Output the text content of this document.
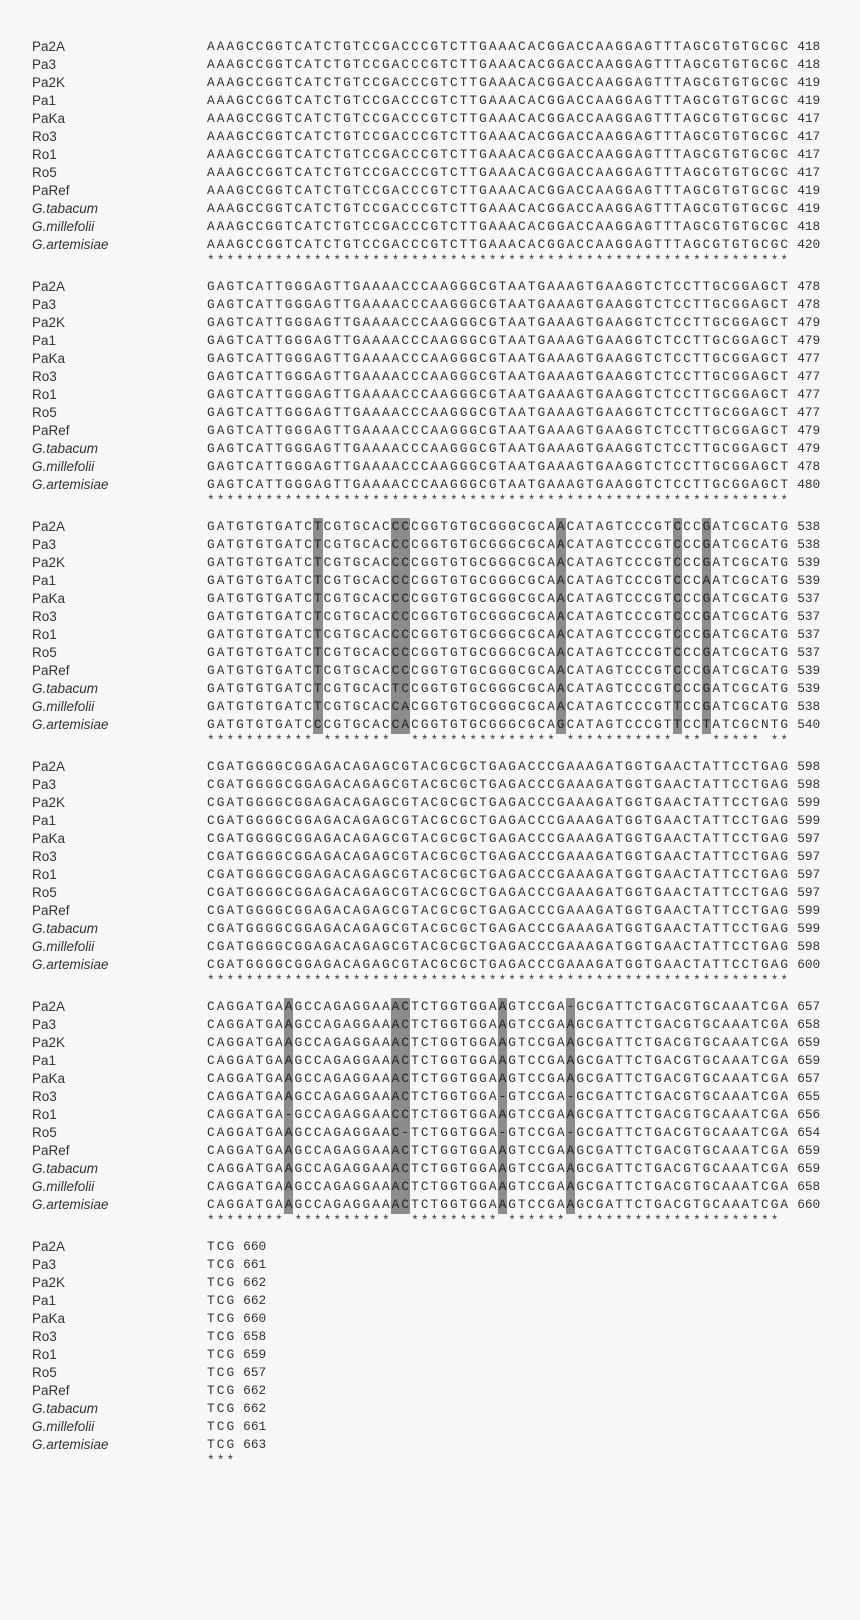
Pa2A	A A A G C C G G T C A T C T G T C C G A C C C G T C T T G A A A C A C G G A C C A A G G A G T T T A G C G T G T G C G C 418
Pa3	A A A G C C G G T C A T C T G T C C G A C C C G T C T T G A A A C A C G G A C C A A G G A G T T T A G C G T G T G C G C 418
Pa2K	A A A G C C G G T C A T C T G T C C G A C C C G T C T T G A A A C A C G G A C C A A G G A G T T T A G C G T G T G C G C 419
Pa1	A A A G C C G G T C A T C T G T C C G A C C C G T C T T G A A A C A C G G A C C A A G G A G T T T A G C G T G T G C G C 419
PaKa	A A A G C C G G T C A T C T G T C C G A C C C G T C T T G A A A C A C G G A C C A A G G A G T T T A G C G T G T G C G C 417
Ro3	A A A G C C G G T C A T C T G T C C G A C C C G T C T T G A A A C A C G G A C C A A G G A G T T T A G C G T G T G C G C 417
Ro1	A A A G C C G G T C A T C T G T C C G A C C C G T C T T G A A A C A C G G A C C A A G G A G T T T A G C G T G T G C G C 417
Ro5	A A A G C C G G T C A T C T G T C C G A C C C G T C T T G A A A C A C G G A C C A A G G A G T T T A G C G T G T G C G C 417
PaRef	A A A G C C G G T C A T C T G T C C G A C C C G T C T T G A A A C A C G G A C C A A G G A G T T T A G C G T G T G C G C 419
G.tabacum	A A A G C C G G T C A T C T G T C C G A C C C G T C T T G A A A C A C G G A C C A A G G A G T T T A G C G T G T G C G C 419
G.millefolii	A A A G C C G G T C A T C T G T C C G A C C C G T C T T G A A A C A C G G A C C A A G G A G T T T A G C G T G T G C G C 418
G.artemisiae	A A A G C C G G T C A T C T G T C C G A C C C G T C T T G A A A C A C G G A C C A A G G A G T T T A G C G T G T G C G C 420
* * * * * * * * * * * * * * * * * * * * * * * * * * * * * * * * * * * * * * * * * * * * * * * * * * * * * * * * * * * *
Pa2A	G A G T C A T T G G G A G T T G A A A A C C C A A G G G C G T A A T G A A A G T G A A G G T C T C C T T G C G G A G C T 478
Pa3	G A G T C A T T G G G A G T T G A A A A C C C A A G G G C G T A A T G A A A G T G A A G G T C T C C T T G C G G A G C T 478
Pa2K	G A G T C A T T G G G A G T T G A A A A C C C A A G G G C G T A A T G A A A G T G A A G G T C T C C T T G C G G A G C T 479
Pa1	G A G T C A T T G G G A G T T G A A A A C C C A A G G G C G T A A T G A A A G T G A A G G T C T C C T T G C G G A G C T 479
PaKa	G A G T C A T T G G G A G T T G A A A A C C C A A G G G C G T A A T G A A A G T G A A G G T C T C C T T G C G G A G C T 477
Ro3	G A G T C A T T G G G A G T T G A A A A C C C A A G G G C G T A A T G A A A G T G A A G G T C T C C T T G C G G A G C T 477
Ro1	G A G T C A T T G G G A G T T G A A A A C C C A A G G G C G T A A T G A A A G T G A A G G T C T C C T T G C G G A G C T 477
Ro5	G A G T C A T T G G G A G T T G A A A A C C C A A G G G C G T A A T G A A A G T G A A G G T C T C C T T G C G G A G C T 477
PaRef	G A G T C A T T G G G A G T T G A A A A C C C A A G G G C G T A A T G A A A G T G A A G G T C T C C T T G C G G A G C T 479
G.tabacum	G A G T C A T T G G G A G T T G A A A A C C C A A G G G C G T A A T G A A A G T G A A G G T C T C C T T G C G G A G C T 479
G.millefolii	G A G T C A T T G G G A G T T G A A A A C C C A A G G G C G T A A T G A A A G T G A A G G T C T C C T T G C G G A G C T 478
G.artemisiae	G A G T C A T T G G G A G T T G A A A A C C C A A G G G C G T A A T G A A A G T G A A G G T C T C C T T G C G G A G C T 480
* * * * * * * * * * * * * * * * * * * * * * * * * * * * * * * * * * * * * * * * * * * * * * * * * * * * * * * * * * * *
Pa2A	G A T G T G T G A T C T C G T G C A C C C C G G T G T G C G G G C G C A A C A T A G T C C C G T C C C G A T C G C A T G 538
Pa3	G A T G T G T G A T C T C G T G C A C C C C G G T G T G C G G G C G C A A C A T A G T C C C G T C C C G A T C G C A T G 538
Pa2K	G A T G T G T G A T C T C G T G C A C C C C G G T G T G C G G G C G C A A C A T A G T C C C G T C C C G A T C G C A T G 539
Pa1	G A T G T G T G A T C T C G T G C A C C C C G G T G T G C G G G C G C A A C A T A G T C C C G T C C C A A T C G C A T G 539
PaKa	G A T G T G T G A T C T C G T G C A C C C C G G T G T G C G G G C G C A A C A T A G T C C C G T C C C G A T C G C A T G 537
Ro3	G A T G T G T G A T C T C G T G C A C C C C G G T G T G C G G G C G C A A C A T A G T C C C G T C C C G A T C G C A T G 537
Ro1	G A T G T G T G A T C T C G T G C A C C C C G G T G T G C G G G C G C A A C A T A G T C C C G T C C C G A T C G C A T G 537
Ro5	G A T G T G T G A T C T C G T G C A C C C C G G T G T G C G G G C G C A A C A T A G T C C C G T C C C G A T C G C A T G 537
PaRef	G A T G T G T G A T C T C G T G C A C C C C G G T G T G C G G G C G C A A C A T A G T C C C G T C C C G A T C G C A T G 539
G.tabacum	G A T G T G T G A T C T C G T G C A C T C C G G T G T G C G G G C G C A A C A T A G T C C C G T C C C G A T C G C A T G 539
G.millefolii	G A T G T G T G A T C T C G T G C A C C A C G G T G T G C G G G C G C A A C A T A G T C C C G T T C C G A T C G C A T G 538
G.artemisiae	G A T G T G T G A T C C C G T G C A C C A C G G T G T G C G G G C G C A G C A T A G T C C C G T T C C T A T C G C N T G 540
* * * * * * * * * * * * * * * * * * * * * * * * * * * * * * * * * * * * * * * * * * * * * * * * * * * * *
Pa2A	C G A T G G G G C G G A G A C A G A G C G T A C G C G C T G A G A C C C G A A A G A T G G T G A A C T A T T C C T G A G 598
Pa3	C G A T G G G G C G G A G A C A G A G C G T A C G C G C T G A G A C C C G A A A G A T G G T G A A C T A T T C C T G A G 598
Pa2K	C G A T G G G G C G G A G A C A G A G C G T A C G C G C T G A G A C C C G A A A G A T G G T G A A C T A T T C C T G A G 599
Pa1	C G A T G G G G C G G A G A C A G A G C G T A C G C G C T G A G A C C C G A A A G A T G G T G A A C T A T T C C T G A G 599
PaKa	C G A T G G G G C G G A G A C A G A G C G T A C G C G C T G A G A C C C G A A A G A T G G T G A A C T A T T C C T G A G 597
Ro3	C G A T G G G G C G G A G A C A G A G C G T A C G C G C T G A G A C C C G A A A G A T G G T G A A C T A T T C C T G A G 597
Ro1	C G A T G G G G C G G A G A C A G A G C G T A C G C G C T G A G A C C C G A A A G A T G G T G A A C T A T T C C T G A G 597
Ro5	C G A T G G G G C G G A G A C A G A G C G T A C G C G C T G A G A C C C G A A A G A T G G T G A A C T A T T C C T G A G 597
PaRef	C G A T G G G G C G G A G A C A G A G C G T A C G C G C T G A G A C C C G A A A G A T G G T G A A C T A T T C C T G A G 599
G.tabacum	C G A T G G G G C G G A G A C A G A G C G T A C G C G C T G A G A C C C G A A A G A T G G T G A A C T A T T C C T G A G 599
G.millefolii	C G A T G G G G C G G A G A C A G A G C G T A C G C G C T G A G A C C C G A A A G A T G G T G A A C T A T T C C T G A G 598
G.artemisiae	C G A T G G G G C G G A G A C A G A G C G T A C G C G C T G A G A C C C G A A A G A T G G T G A A C T A T T C C T G A G 600
* * * * * * * * * * * * * * * * * * * * * * * * * * * * * * * * * * * * * * * * * * * * * * * * * * * * * * * * * * * *
Pa2A	C A G G A T G A A G C C A G A G G A A A C T C T G G T G G A A G T C C G A - G C G A T T C T G A C G T G C A A A T C G A 657
Pa3	C A G G A T G A A G C C A G A G G A A A C T C T G G T G G A A G T C C G A A G C G A T T C T G A C G T G C A A A T C G A 658
Pa2K	C A G G A T G A A G C C A G A G G A A A C T C T G G T G G A A G T C C G A A G C G A T T C T G A C G T G C A A A T C G A 659
Pa1	C A G G A T G A A G C C A G A G G A A A C T C T G G T G G A A G T C C G A A G C G A T T C T G A C G T G C A A A T C G A 659
PaKa	C A G G A T G A A G C C A G A G G A A A C T C T G G T G G A A G T C C G A A G C G A T T C T G A C G T G C A A A T C G A 657
Ro3	C A G G A T G A A G C C A G A G G A A A C T C T G G T G G A - G T C C G A - G C G A T T C T G A C G T G C A A A T C G A 655
Ro1	C A G G A T G A - G C C A G A G G A A C C T C T G G T G G A A G T C C G A A G C G A T T C T G A C G T G C A A A T C G A 656
Ro5	C A G G A T G A A G C C A G A G G A A C - T C T G G T G G A - G T C C G A - G C G A T T C T G A C G T G C A A A T C G A 654
PaRef	C A G G A T G A A G C C A G A G G A A A C T C T G G T G G A A G T C C G A A G C G A T T C T G A C G T G C A A A T C G A 659
G.tabacum	C A G G A T G A A G C C A G A G G A A A C T C T G G T G G A A G T C C G A A G C G A T T C T G A C G T G C A A A T C G A 659
G.millefolii	C A G G A T G A A G C C A G A G G A A A C T C T G G T G G A A G T C C G A A G C G A T T C T G A C G T G C A A A T C G A 658
G.artemisiae	C A G G A T G A A G C C A G A G G A A A C T C T G G T G G A A G T C C G A A G C G A T T C T G A C G T G C A A A T C G A 660
* * * * * * * * * * * * * * * * * * * * * * * * * * * * * * * * * * * * * * * * * * * * * * * * * * * * * *
Pa2A	T C G 660
Pa3	T C G 661
Pa2K	T C G 662
Pa1	T C G 662
PaKa	T C G 660
Ro3	T C G 658
Ro1	T C G 659
Ro5	T C G 657
PaRef	T C G 662
G.tabacum	T C G 662
G.millefolii	T C G 661
G.artemisiae	T C G 663
* * *
